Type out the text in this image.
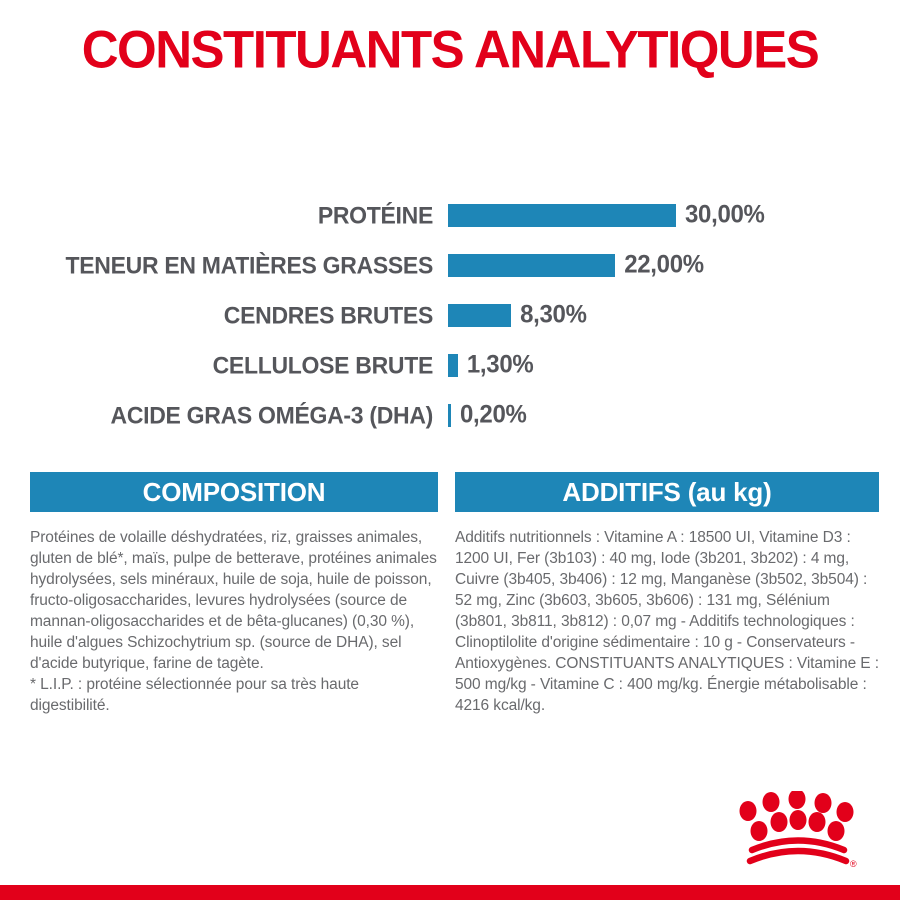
CONSTITUANTS ANALYTIQUES
PROTÉINE	30,00%
TENEUR EN MATIÈRES GRASSES	22,00%
CENDRES BRUTES	8,30%
CELLULOSE BRUTE 1,30%
ACIDE GRAS OMÉGA-3 (DHA) 0,20%
COMPOSITION

Protéines de volaille déshydratées, riz, graisses animales, gluten de blé*, maïs, pulpe de betterave, protéines animales hydrolysées, sels minéraux, huile de soja, huile de poisson, fructo-oligosaccharides, levures hydrolysées (source de mannan-oligosaccharides et de bêta-glucanes) (0,30 %), huile d'algues Schizochytrium sp. (source de DHA), sel d'acide butyrique, farine de tagète.

* L.I.P. : protéine sélectionnée pour sa très haute digestibilité.

ADDITIFS (au kg)

Additifs nutritionnels : Vitamine A : 18500 UI, Vitamine D3 : 1200 UI, Fer (3b103) : 40 mg, Iode (3b201, 3b202) : 4 mg, Cuivre (3b405, 3b406) : 12 mg, Manganèse (3b502, 3b504) : 52 mg, Zinc (3b603, 3b605, 3b606) : 131 mg, Sélénium (3b801, 3b811, 3b812) : 0,07 mg - Additifs technologiques : Clinoptilolite d'origine sédimentaire : 10 g - Conservateurs - Antioxygènes. CONSTITUANTS ANALYTIQUES : Vitamine E : 500 mg/kg - Vitamine C : 400 mg/kg. Énergie métabolisable : 4216 kcal/kg.

®
